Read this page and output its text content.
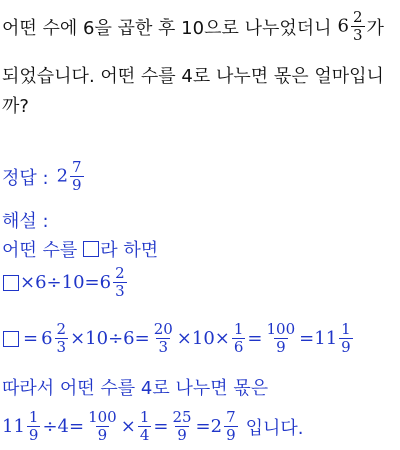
어떤 수에 6을 곱한 후 10으로 나누었더니 $6 \frac{2}{3}$ 가
되었습니다. 어떤 수를 4로 나누면 몫은 얼마입니
까?
정답 : $2 \frac{7}{9}$
해설 :
어떤 수를 라 하면
$\times 6\div 10= 6 \frac{2}{3}$
= $6 \frac{2}{3} \times 10\div 6= \frac{20}{3} \times 10\times \frac{1}{6} = \frac{100}{9} = 11 \frac{1}{9}$
따라서 어떤 수를 4로 나누면 몫은
$11 \frac{1}{9} \div 4= \frac{100}{9} \times \frac{1}{4} = \frac{25}{9} = 2 \frac{7}{9}$ 입니다.
